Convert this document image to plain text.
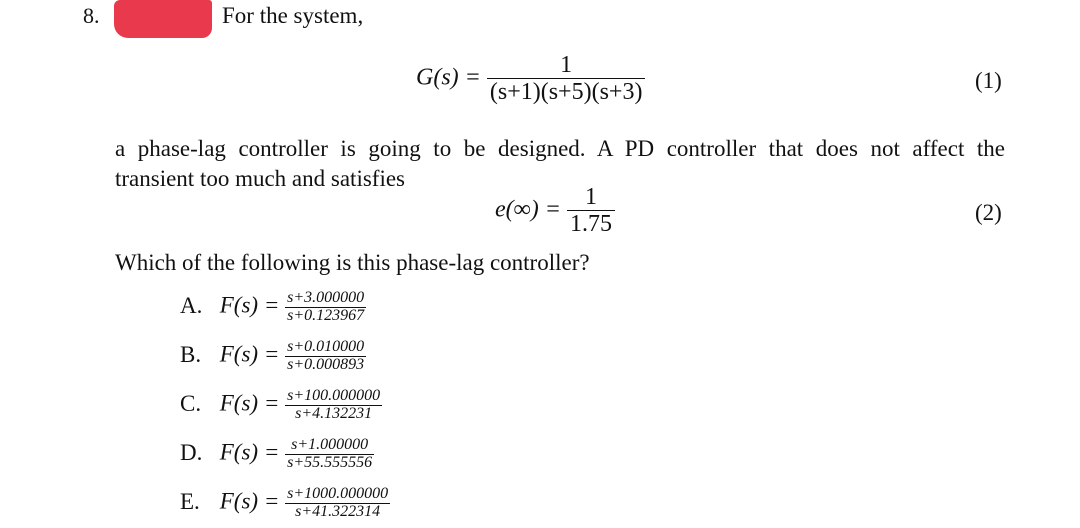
8.	For the system,
$G(s) = \frac{1}{(s+1)(s+5)(s+3)}$	(1)
a phase-lag controller is going to be designed. A PD controller that does not affect the
transient too much and satisfies
$e(\infty) = \frac{1}{1.75}$	(2)
Which of the following is this phase-lag controller?
A. $F(s) = \frac{s+3.000000}{s+0.123967}$
B. $F(s) = \frac{s+0.010000}{s+0.000893}$
C. $F(s) = \frac{s+100.000000}{s+4.132231}$
D. $F(s) = \frac{s+1.000000}{s+55.555556}$
E. $F(s) = \frac{s+1000.000000}{s+41.322314}$
